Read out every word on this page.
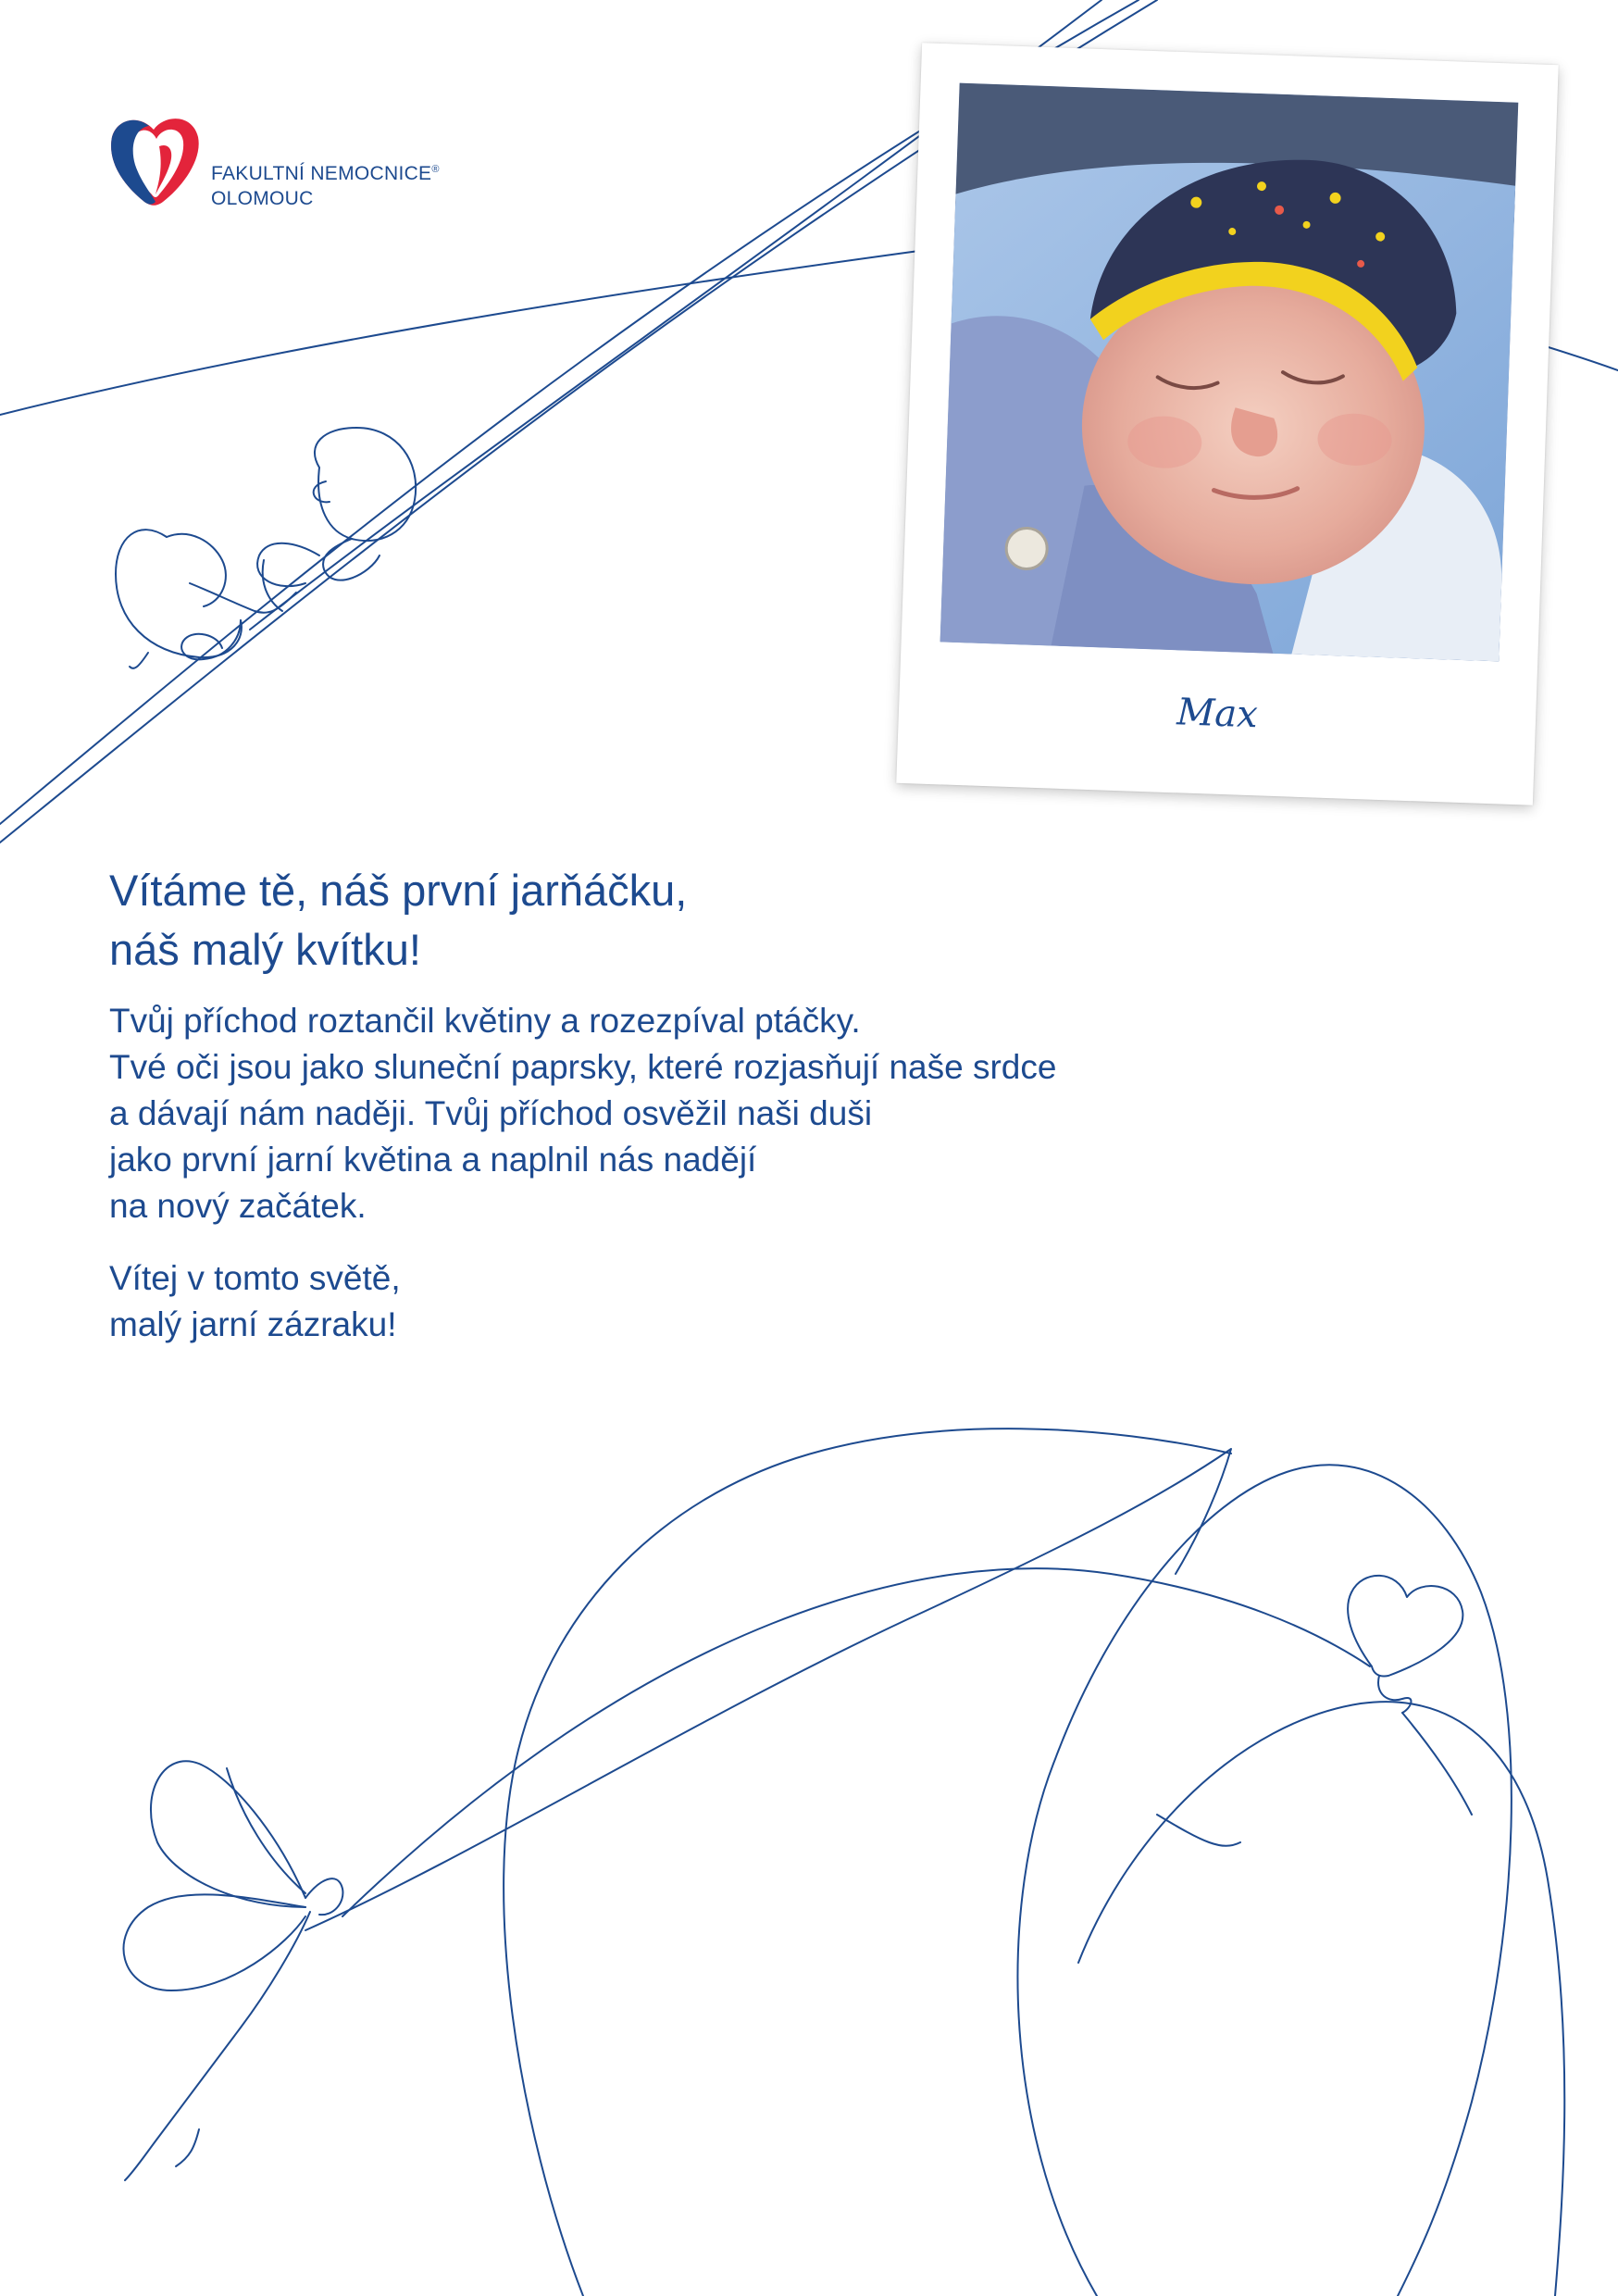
FAKULTNÍ NEMOCNICE®
OLOMOUC
Max
Vítáme tě, náš první jarňáčku,
náš malý kvítku!

Tvůj příchod roztančil květiny a rozezpíval ptáčky.
Tvé oči jsou jako sluneční paprsky, které rozjasňují naše srdce
a dávají nám naději. Tvůj příchod osvěžil naši duši
jako první jarní květina a naplnil nás nadějí
na nový začátek.

Vítej v tomto světě,
malý jarní zázraku!
